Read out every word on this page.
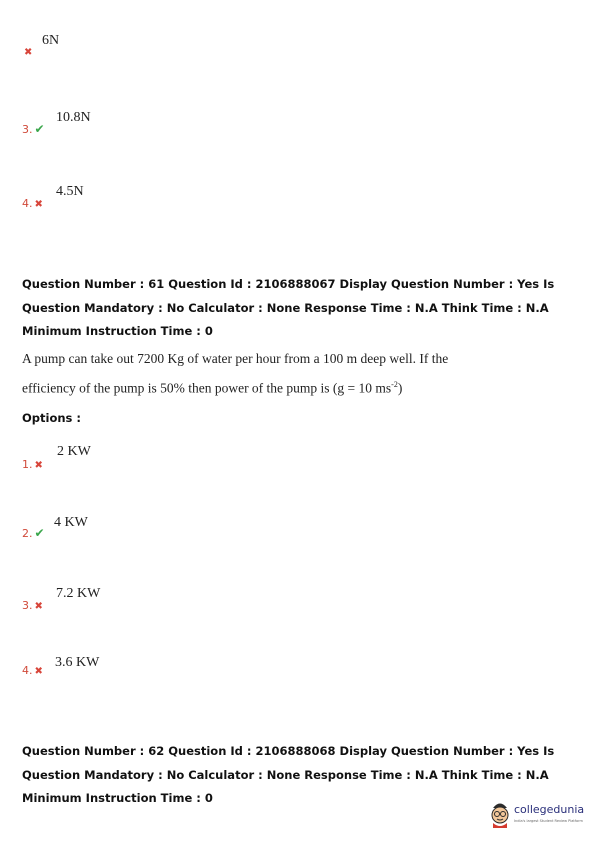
✖
6N
3. ✔
10.8N
4. ✖
4.5N
Question Number : 61 Question Id : 2106888067 Display Question Number : Yes Is Question Mandatory : No Calculator : None Response Time : N.A Think Time : N.A Minimum Instruction Time : 0
A pump can take out 7200 Kg of water per hour from a 100 m deep well. If the
efficiency of the pump is 50% then power of the pump is (g = 10 $ms^{-2}$)
Options :
1. ✖
2 KW
2. ✔
4 KW
3. ✖
7.2 KW
4. ✖
3.6 KW
Question Number : 62 Question Id : 2106888068 Display Question Number : Yes Is Question Mandatory : No Calculator : None Response Time : N.A Think Time : N.A Minimum Instruction Time : 0
collegedunia
India's largest Student Review Platform
